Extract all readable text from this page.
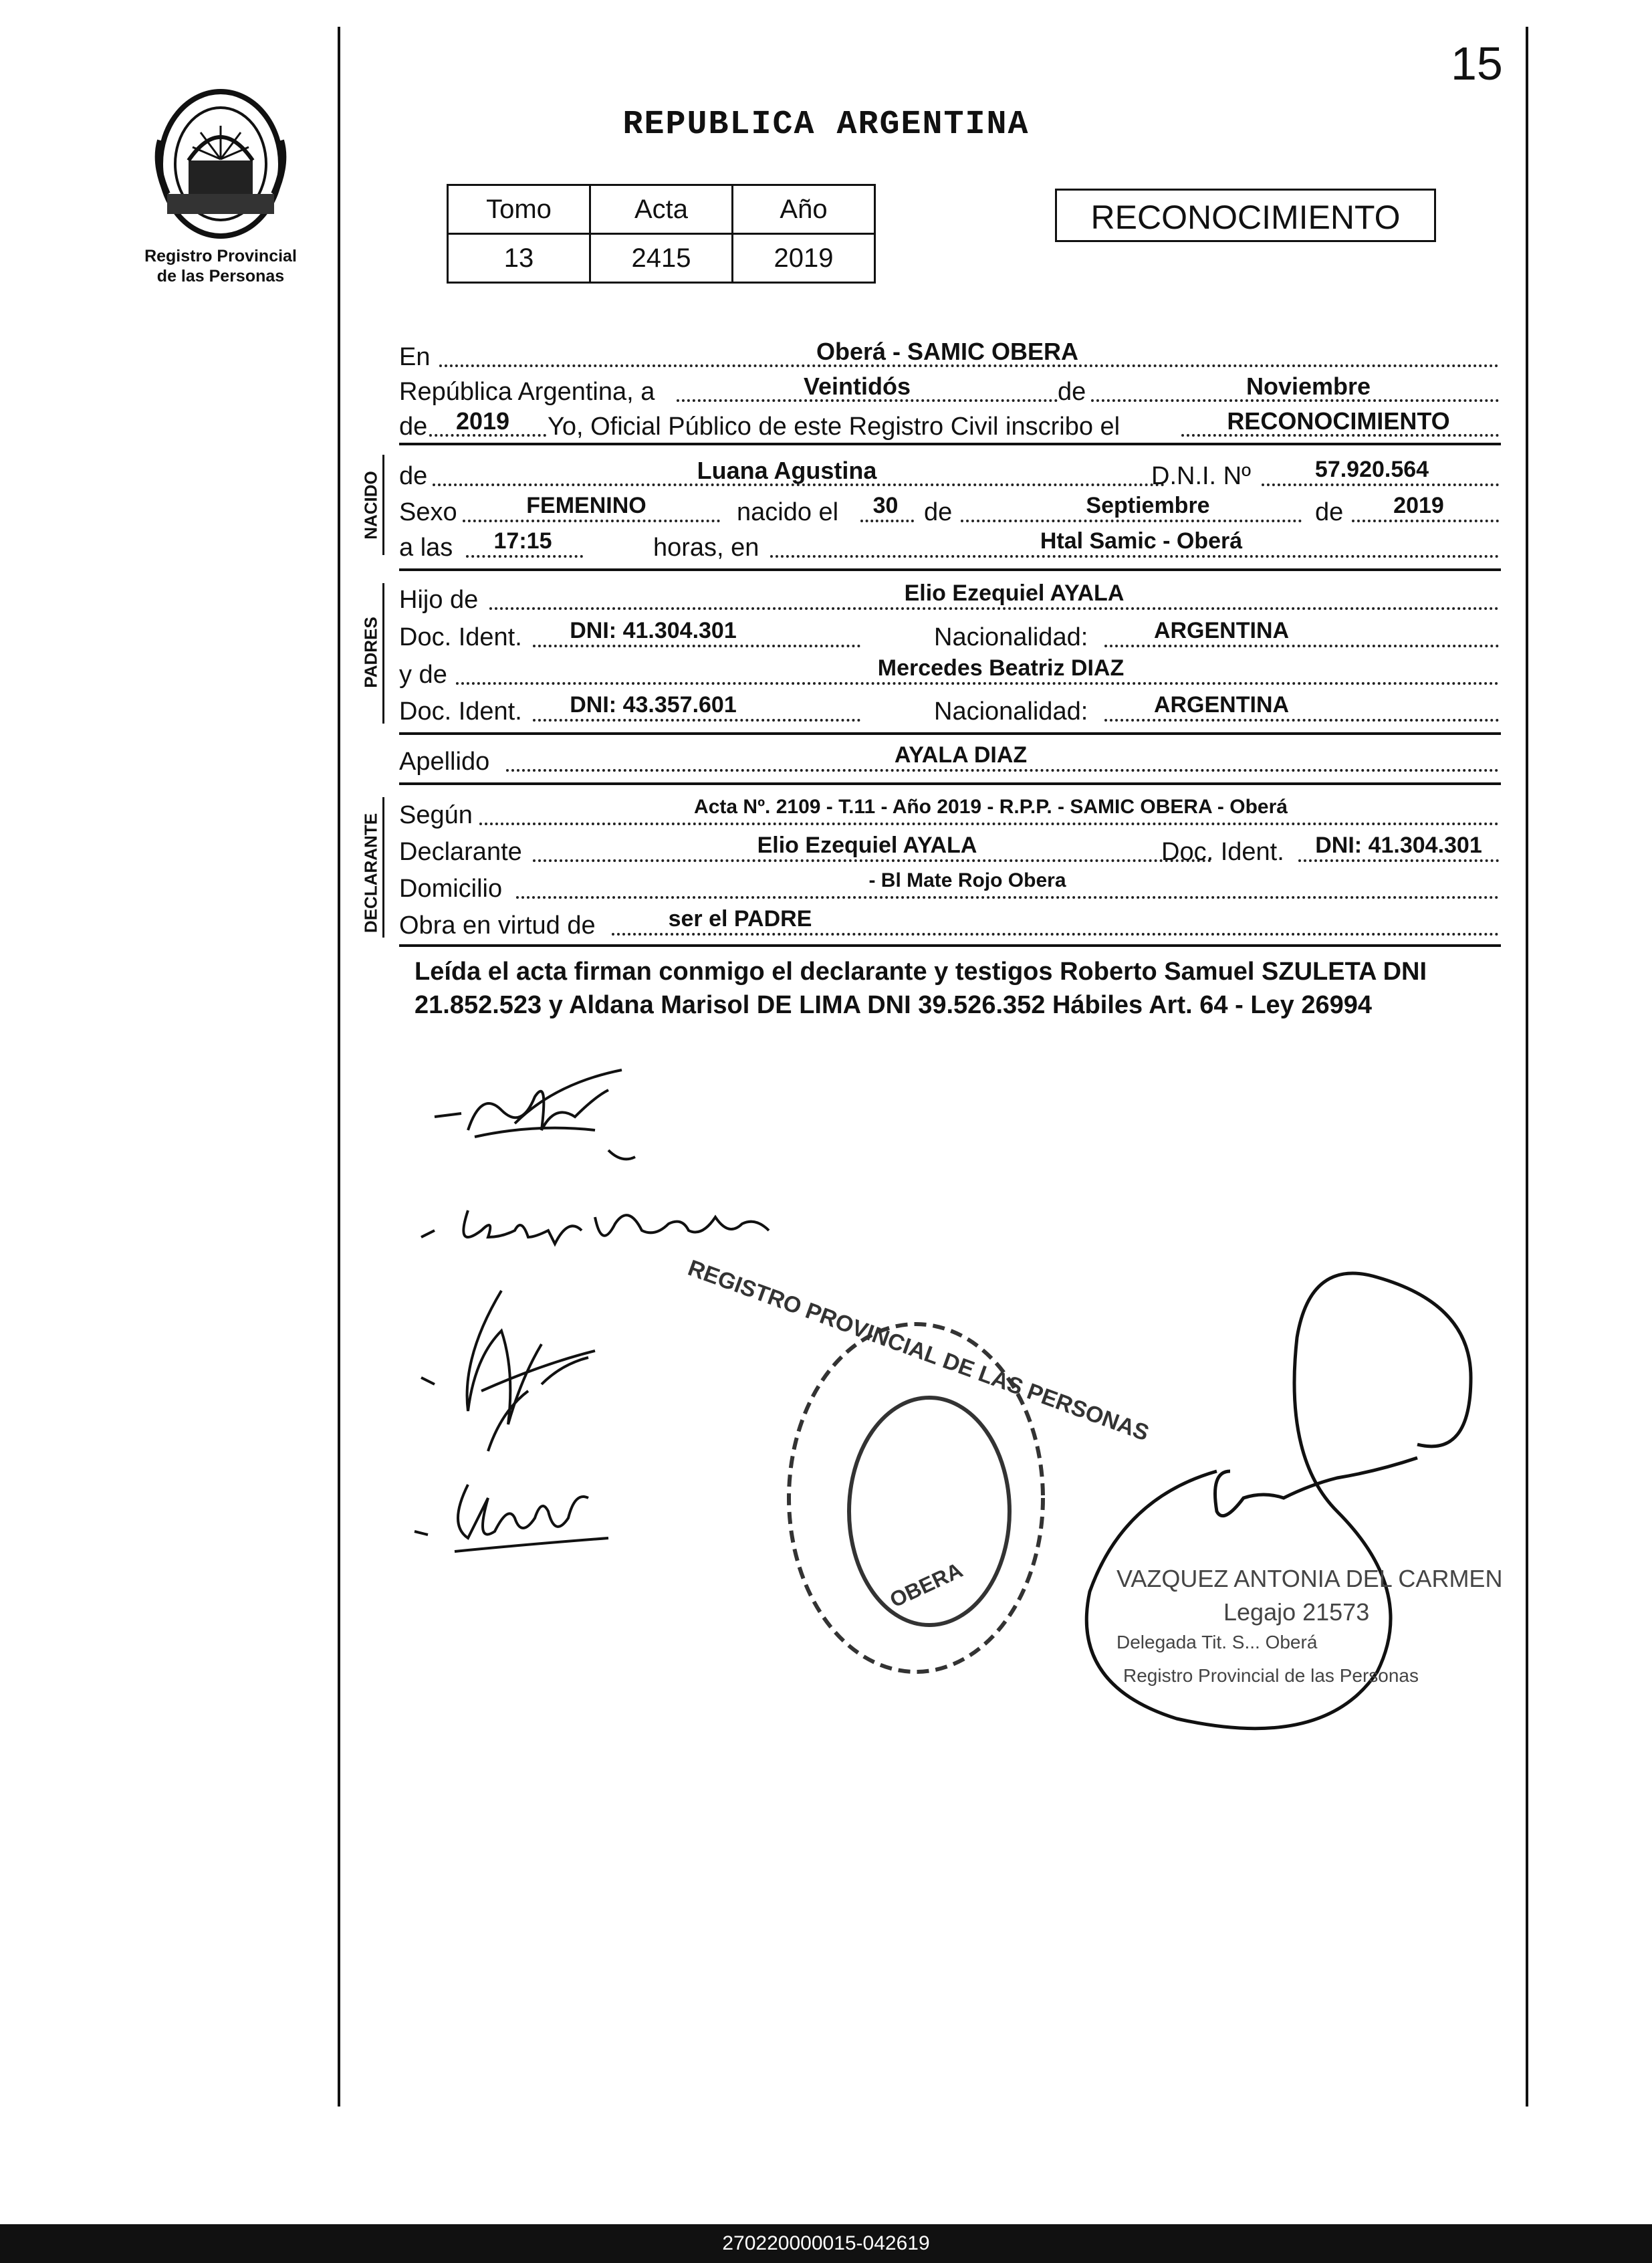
Registro Provincial
de las Personas
15
REPUBLICA ARGENTINA
Tomo	Acta	Año
13	2415	2019
RECONOCIMIENTO
En	Oberá - SAMIC OBERA
República Argentina, a	Veintidós	de	Noviembre
de	2019	Yo, Oficial Público de este Registro Civil inscribo el	RECONOCIMIENTO
NACIDO de	Luana Agustina	D.N.I. Nº	57.920.564
Sexo	FEMENINO	nacido el	30	de	Septiembre	de	2019
a las	17:15	horas, en	Htal Samic - Oberá
PADRES
Hijo de	Elio Ezequiel AYALA
Doc. Ident.	DNI: 41.304.301	Nacionalidad:	ARGENTINA
y de	Mercedes Beatriz DIAZ
Doc. Ident.	DNI: 43.357.601	Nacionalidad:	ARGENTINA
Apellido	AYALA DIAZ
DECLARANTE Según	Acta Nº. 2109 - T.11 - Año 2019 - R.P.P. - SAMIC OBERA - Oberá
Declarante	Elio Ezequiel AYALA	Doc. Ident.	DNI: 41.304.301
Domicilio	- Bl Mate Rojo Obera
Obra en virtud de	ser el PADRE
Leída el acta firman conmigo el declarante y testigos Roberto Samuel SZULETA DNI 21.852.523 y Aldana Marisol DE LIMA DNI 39.526.352 Hábiles Art. 64 - Ley 26994
REGISTRO PROVINCIAL DE LAS PERSONAS
OBERA	VAZQUEZ ANTONIA DEL CARMEN
Legajo 21573
Delegada Tit. S... Oberá
Registro Provincial de las Personas
270220000015-042619
